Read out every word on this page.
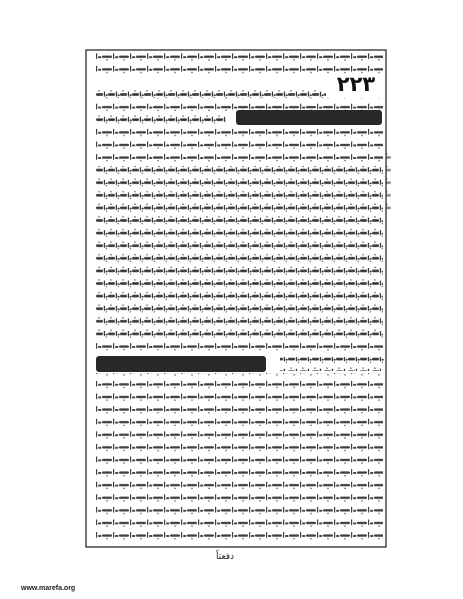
٢٢٣
دفعتاً
www.marefa.org
